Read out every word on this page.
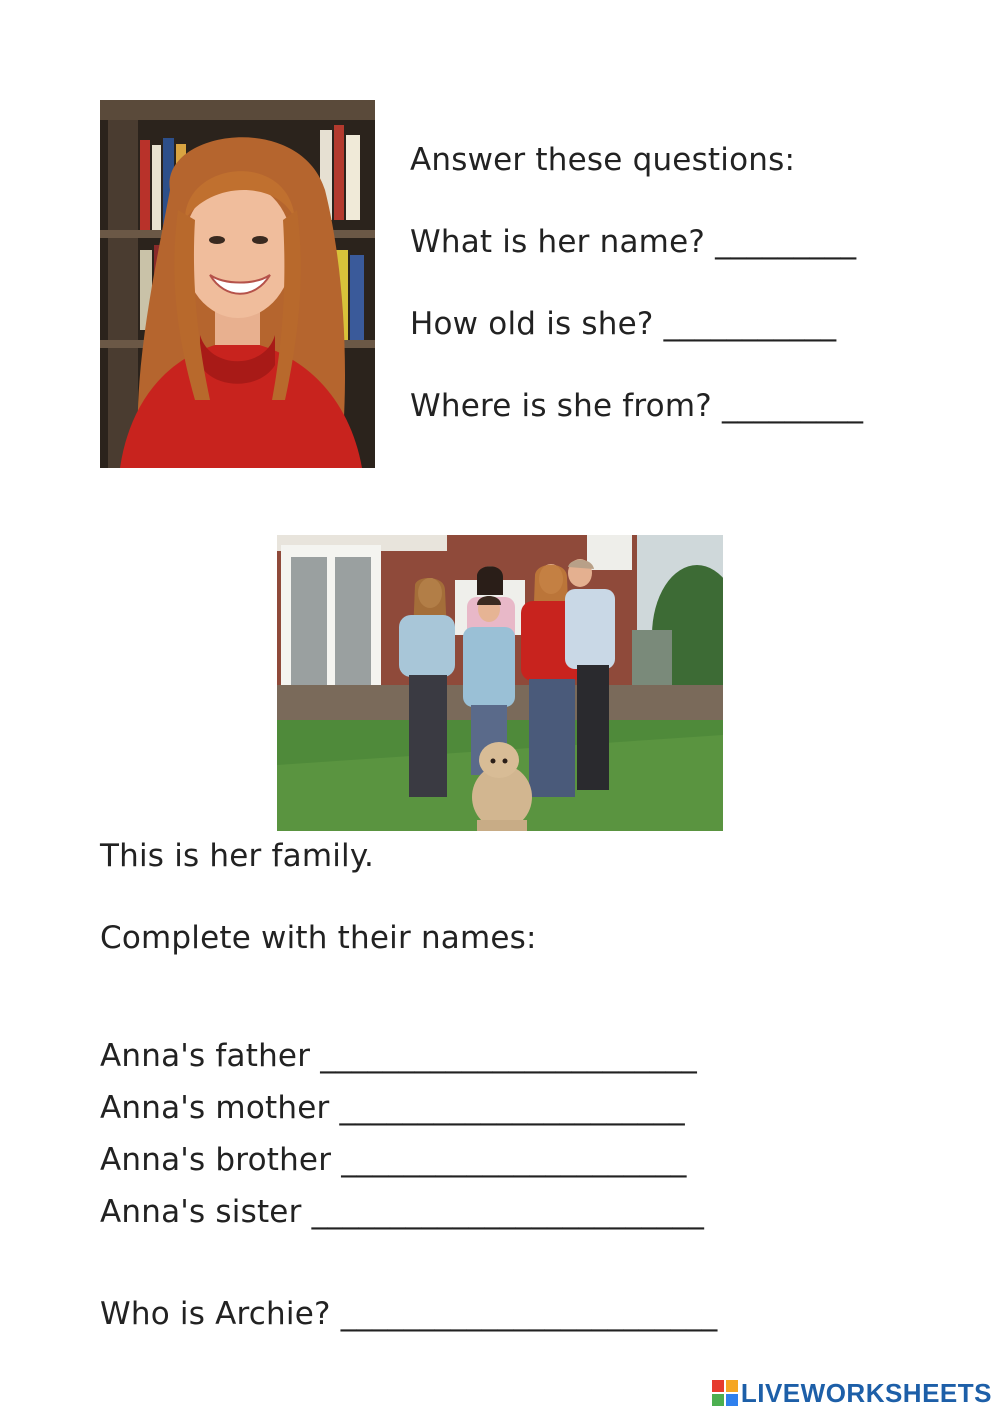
Answer these questions:
What is her name? _________
How old is she? ___________
Where is she from? _________
This is her family.
Complete with their names:
Anna's father ________________________
Anna's mother ______________________
Anna's brother ______________________
Anna's sister _________________________
Who is Archie? ________________________
LIVEWORKSHEETS
